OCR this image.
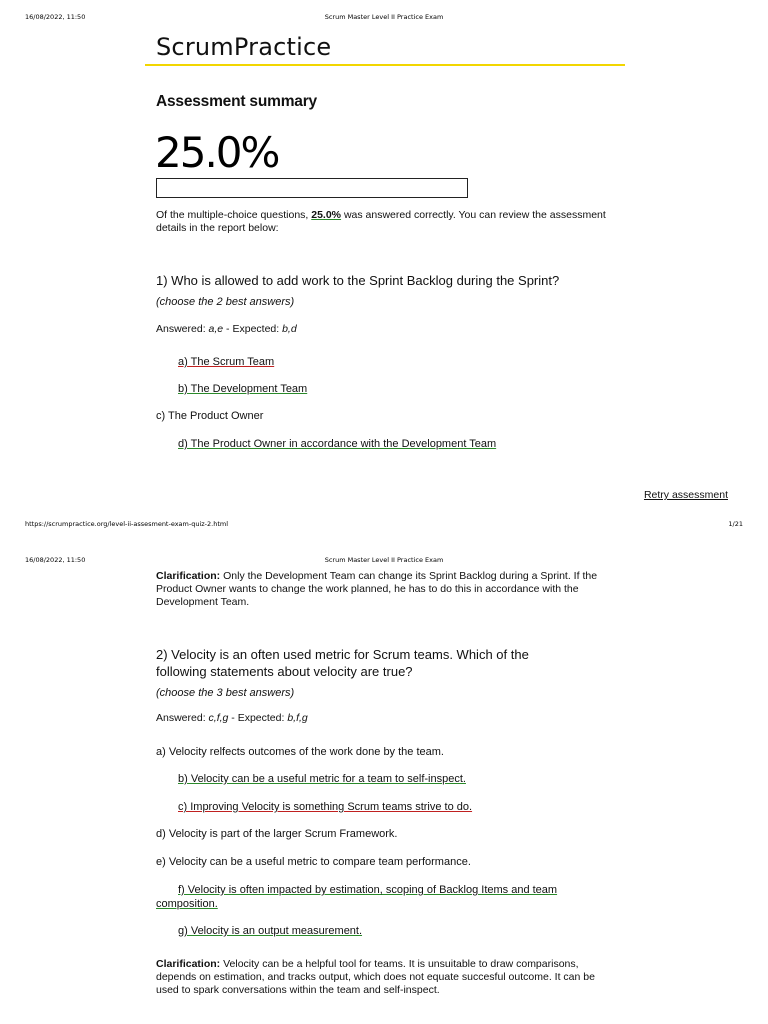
16/08/2022, 11:50	Scrum Master Level II Practice Exam
ScrumPractice
Assessment summary
25.0%
Of the multiple-choice questions, 25.0% was answered correctly. You can review the assessment details in the report below:
1) Who is allowed to add work to the Sprint Backlog during the Sprint?
(choose the 2 best answers)
Answered: a,e - Expected: b,d
a) The Scrum Team
b) The Development Team
c) The Product Owner
d) The Product Owner in accordance with the Development Team
Retry assessment
https://scrumpractice.org/level-ii-assesment-exam-quiz-2.html	1/21
16/08/2022, 11:50	Scrum Master Level II Practice Exam
Clarification: Only the Development Team can change its Sprint Backlog during a Sprint. If the Product Owner wants to change the work planned, he has to do this in accordance with the Development Team.
2) Velocity is an often used metric for Scrum teams. Which of the following statements about velocity are true?
(choose the 3 best answers)
Answered: c,f,g - Expected: b,f,g
a) Velocity relfects outcomes of the work done by the team.
b) Velocity can be a useful metric for a team to self-inspect.
c) Improving Velocity is something Scrum teams strive to do.
d) Velocity is part of the larger Scrum Framework.
e) Velocity can be a useful metric to compare team performance.
f) Velocity is often impacted by estimation, scoping of Backlog Items and team composition.
g) Velocity is an output measurement.
Clarification: Velocity can be a helpful tool for teams. It is unsuitable to draw comparisons, depends on estimation, and tracks output, which does not equate succesful outcome. It can be used to spark conversations within the team and self-inspect.
